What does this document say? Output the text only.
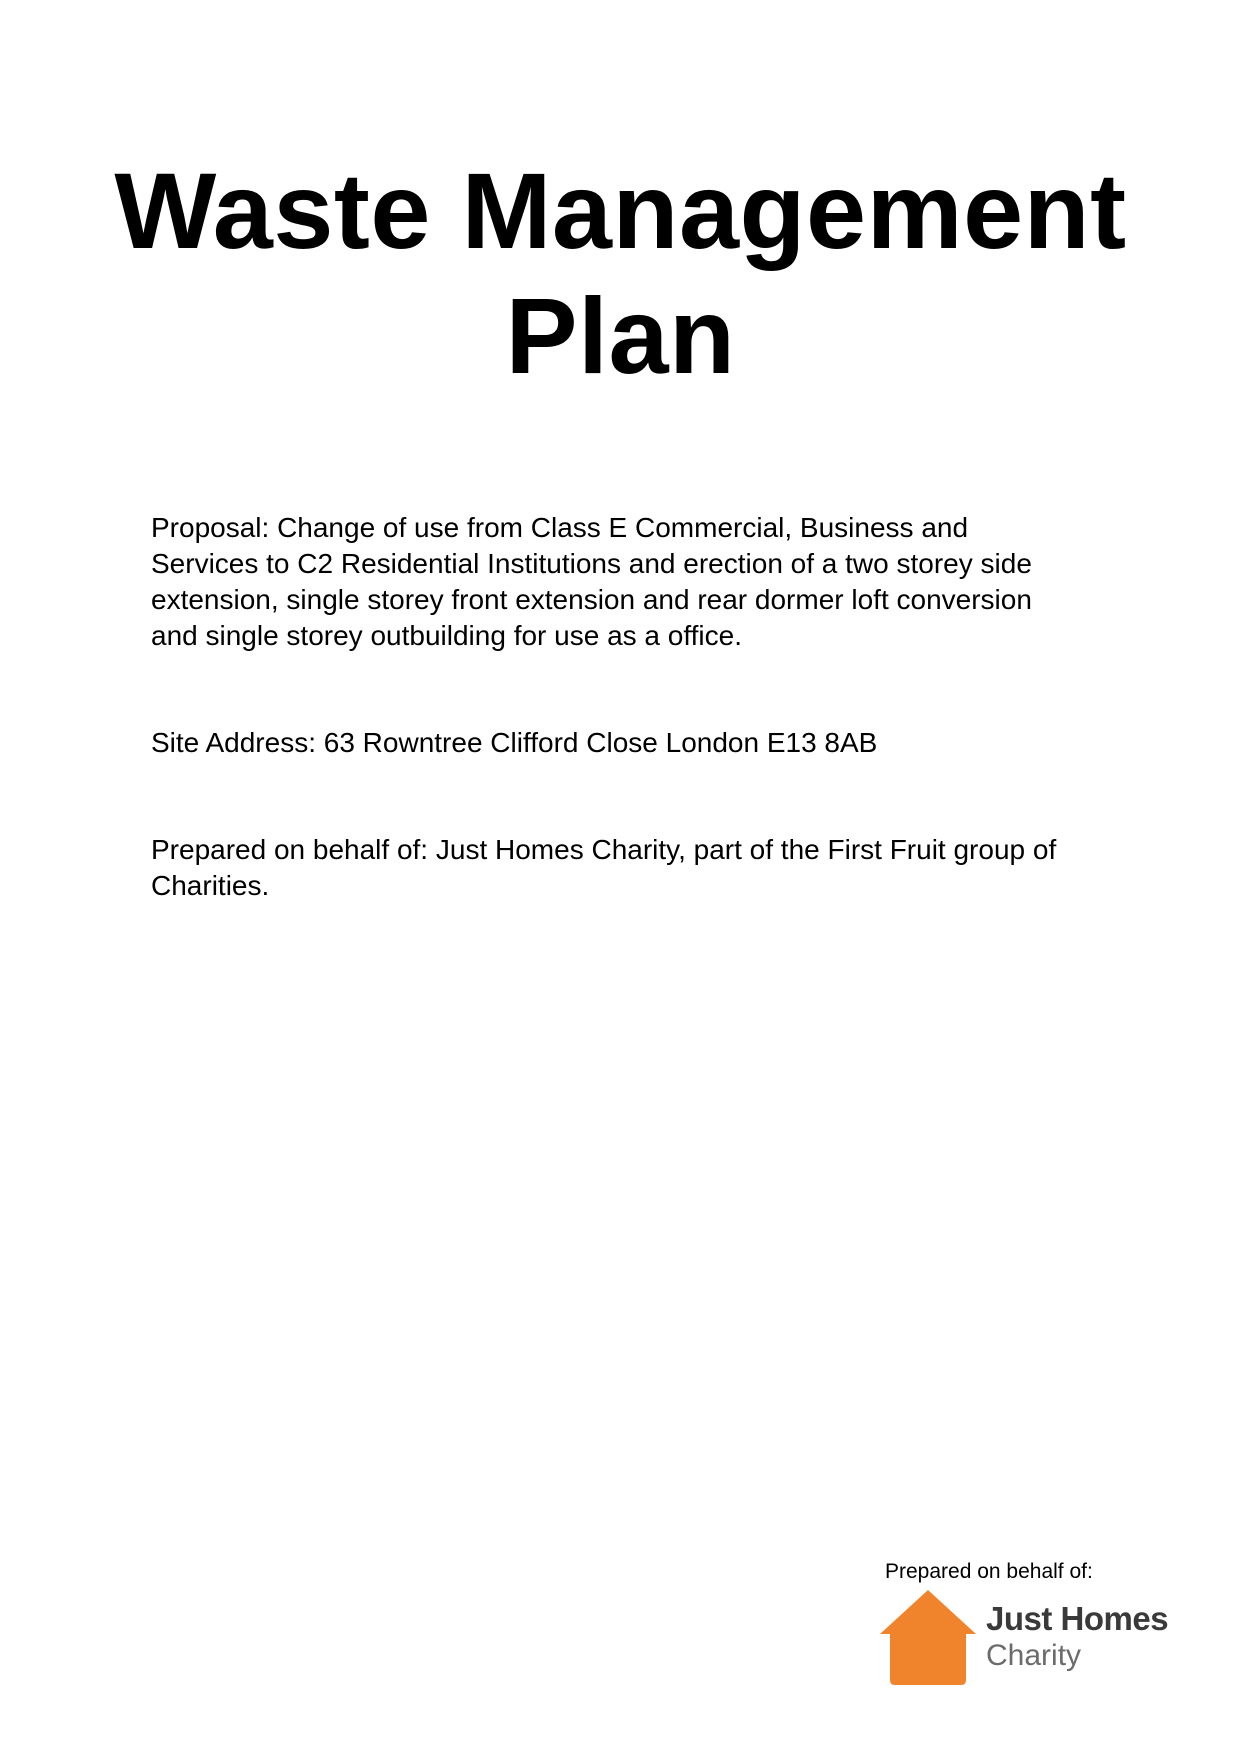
Waste Management
Plan

Proposal: Change of use from Class E Commercial, Business and Services to C2 Residential Institutions and erection of a two storey side extension, single storey front extension and rear dormer loft conversion and single storey outbuilding for use as a office.

Site Address: 63 Rowntree Clifford Close London E13 8AB

Prepared on behalf of: Just Homes Charity, part of the First Fruit group of Charities.

Prepared on behalf of:
Just Homes
Charity
